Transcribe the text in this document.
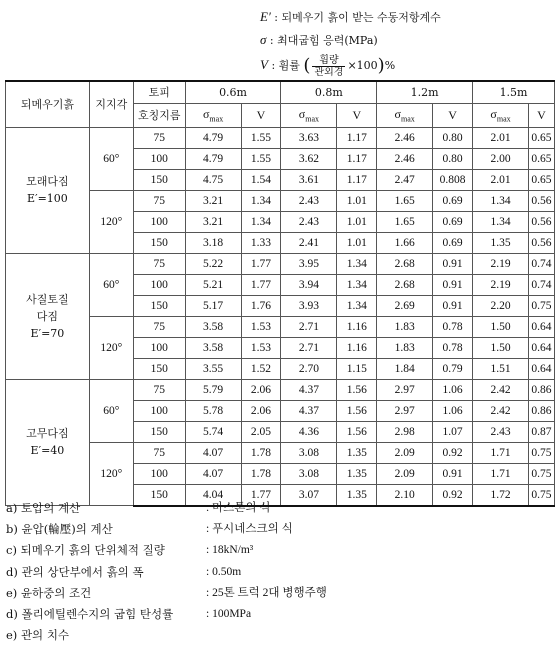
E′ : 되메우기 흙이 받는 수동저항계수
σ : 최대굽힘 응력(MPa)
V : 휨률 ( $\frac{\text{휨량}}{\text{관외경}} \times 100)\%$
되메우기흙	지지각	토피	0.6m		0.8m		1.2m		1.5m	
		호칭지름	$\sigma_{max}$	V	$\sigma_{max}$	V	$\sigma_{max}$	V	$\sigma_{max}$	V

모래다짐
E′=100	60°	75	4.79	1.55	3.63	1.17	2.46	0.80	2.01	0.65
		100	4.79	1.55	3.62	1.17	2.46	0.80	2.00	0.65
		150	4.75	1.54	3.61	1.17	2.47	0.808	2.01	0.65
	120°	75	3.21	1.34	2.43	1.01	1.65	0.69	1.34	0.56
		100	3.21	1.34	2.43	1.01	1.65	0.69	1.34	0.56
		150	3.18	1.33	2.41	1.01	1.66	0.69	1.35	0.56

사질토질
다짐
E′=70	60°	75	5.22	1.77	3.95	1.34	2.68	0.91	2.19	0.74
		100	5.21	1.77	3.94	1.34	2.68	0.91	2.19	0.74
		150	5.17	1.76	3.93	1.34	2.69	0.91	2.20	0.75
	120°	75	3.58	1.53	2.71	1.16	1.83	0.78	1.50	0.64
		100	3.58	1.53	2.71	1.16	1.83	0.78	1.50	0.64
		150	3.55	1.52	2.70	1.15	1.84	0.79	1.51	0.64

고무다짐
E′=40	60°	75	5.79	2.06	4.37	1.56	2.97	1.06	2.42	0.86
		100	5.78	2.06	4.37	1.56	2.97	1.06	2.42	0.86
		150	5.74	2.05	4.36	1.56	2.98	1.07	2.43	0.87
	120°	75	4.07	1.78	3.08	1.35	2.09	0.92	1.71	0.75
		100	4.07	1.78	3.08	1.35	2.09	0.91	1.71	0.75
		150	4.04	1.77	3.07	1.35	2.10	0.92	1.72	0.75
a) 토압의 계산	: 마스톤의 식
b) 윤압(輪壓)의 계산	: 푸시네스크의 식
c) 되메우기 흙의 단위체적 질량	: 18kN/m³
d) 관의 상단부에서 흙의 폭	: 0.50m
e) 윤하중의 조건	: 25톤 트럭 2대 병행주행
d) 폴리에틸렌수지의 굽힘 탄성률	: 100MPa
e) 관의 치수
